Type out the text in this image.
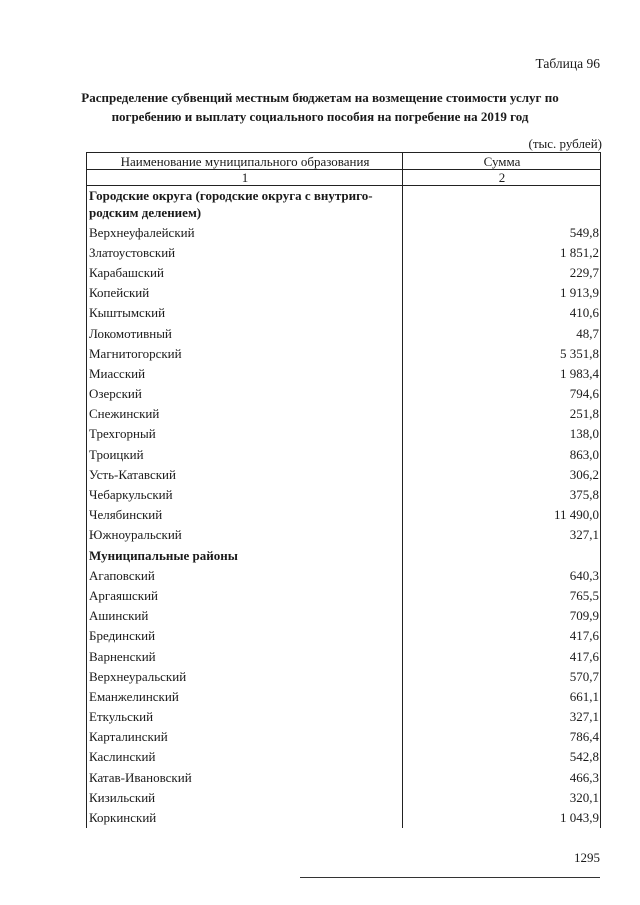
Таблица 96
Распределение субвенций местным бюджетам на возмещение стоимости услуг по погребению и выплату социального пособия на погребение на 2019 год
(тыс. рублей)
Наименование муниципального образования	Сумма
1	2
Городские округа (городские округа с внутриго-родским делением)	
Верхнеуфалейский	549,8
Златоустовский	1 851,2
Карабашский	229,7
Копейский	1 913,9
Кыштымский	410,6
Локомотивный	48,7
Магнитогорский	5 351,8
Миасский	1 983,4
Озерский	794,6
Снежинский	251,8
Трехгорный	138,0
Троицкий	863,0
Усть-Катавский	306,2
Чебаркульский	375,8
Челябинский	11 490,0
Южноуральский	327,1
Муниципальные районы	
Агаповский	640,3
Аргаяшский	765,5
Ашинский	709,9
Брединский	417,6
Варненский	417,6
Верхнеуральский	570,7
Еманжелинский	661,1
Еткульский	327,1
Карталинский	786,4
Каслинский	542,8
Катав-Ивановский	466,3
Кизильский	320,1
Коркинский	1 043,9
1295
